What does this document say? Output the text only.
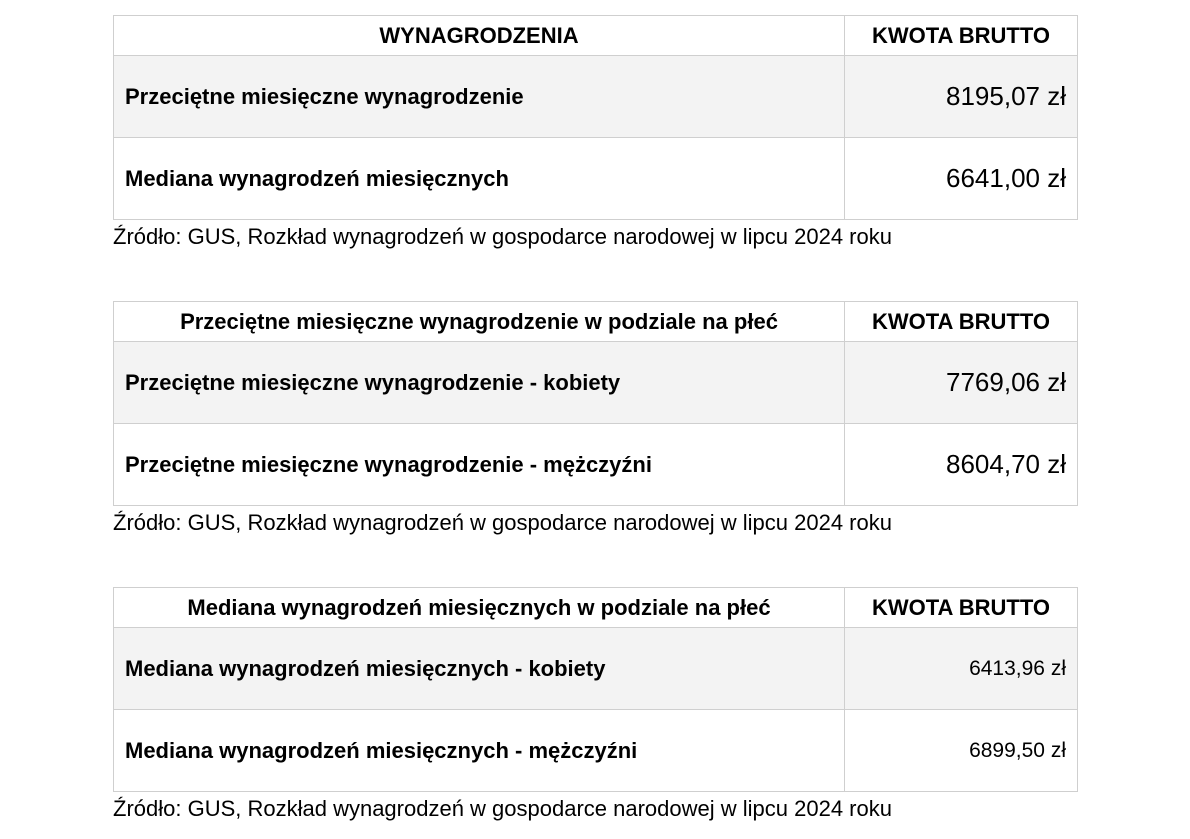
WYNAGRODZENIA	KWOTA BRUTTO
Przeciętne miesięczne wynagrodzenie	8195,07 zł
Mediana wynagrodzeń miesięcznych	6641,00 zł
Źródło: GUS, Rozkład wynagrodzeń w gospodarce narodowej w lipcu 2024 roku
Przeciętne miesięczne wynagrodzenie w podziale na płeć	KWOTA BRUTTO
Przeciętne miesięczne wynagrodzenie - kobiety	7769,06 zł
Przeciętne miesięczne wynagrodzenie - mężczyźni	8604,70 zł
Źródło: GUS, Rozkład wynagrodzeń w gospodarce narodowej w lipcu 2024 roku
Mediana wynagrodzeń miesięcznych w podziale na płeć	KWOTA BRUTTO
Mediana wynagrodzeń miesięcznych - kobiety	6413,96 zł
Mediana wynagrodzeń miesięcznych - mężczyźni	6899,50 zł
Źródło: GUS, Rozkład wynagrodzeń w gospodarce narodowej w lipcu 2024 roku
